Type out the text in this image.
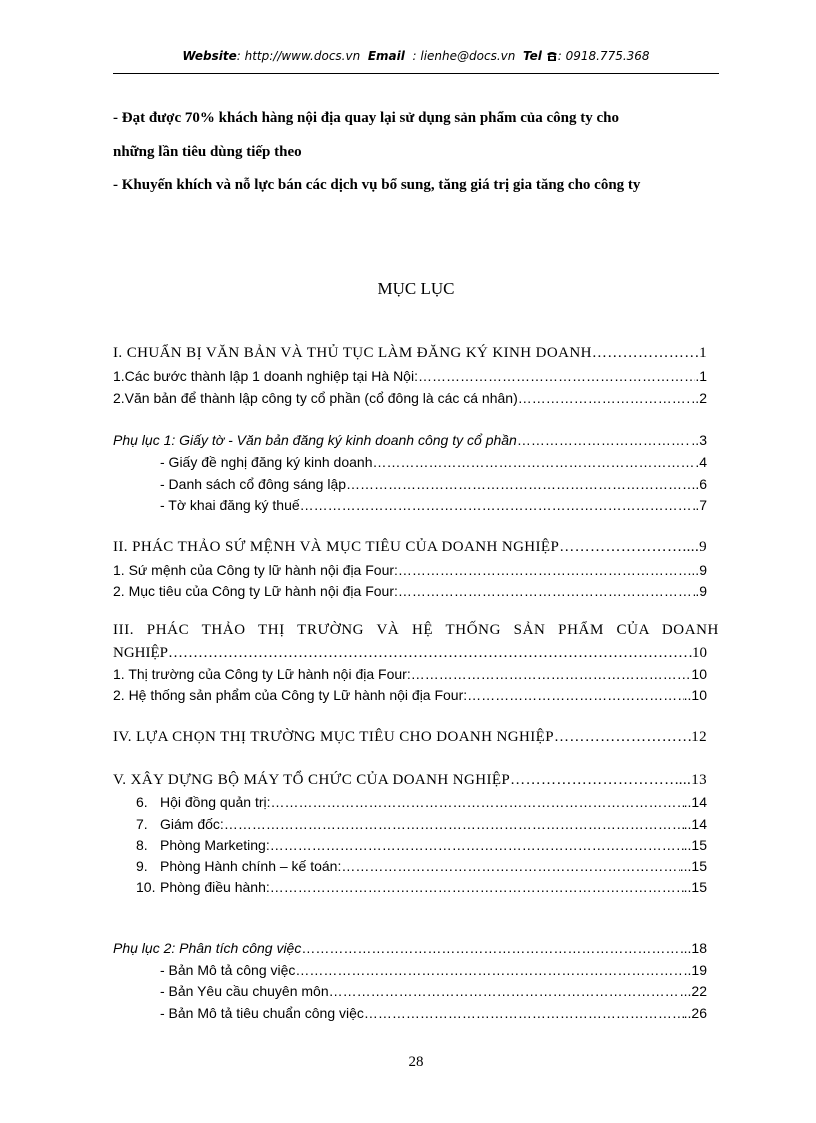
Website: http://www.docs.vn Email : lienhe@docs.vn Tel : 0918.775.368
- Đạt được 70% khách hàng nội địa quay lại sử dụng sản phẩm của công ty cho
những lần tiêu dùng tiếp theo
- Khuyến khích và nỗ lực bán các dịch vụ bổ sung, tăng giá trị gia tăng cho công ty
MỤC LỤC
I. CHUẨN BỊ VĂN BẢN VÀ THỦ TỤC LÀM ĐĂNG KÝ KINH DOANH ………………………………………………………………………………………………………………………………………………………………	.1
1.Các bước thành lập 1 doanh nghiệp tại Hà Nội: ………………………………………………………………………………………………………………………………………………………………	.1
2.Văn bản để thành lập công ty cổ phần (cổ đông là các cá nhân) ………………………………………………………………………………………………………………………………………………………………	..2
Phụ lục 1: Giấy tờ - Văn bản đăng ký kinh doanh công ty cổ phần ………………………………………………………………………………………………………………………………………………………………	..3
- Giấy đề nghị đăng ký kinh doanh ………………………………………………………………………………………………………………………………………………………………	.4
- Danh sách cổ đông sáng lập ………………………………………………………………………………………………………………………………………………………………	.6
- Tờ khai đăng ký thuế ………………………………………………………………………………………………………………………………………………………………	.7
II. PHÁC THẢO SỨ MỆNH VÀ MỤC TIÊU CỦA DOANH NGHIỆP ………………………………………………………………………………………………………………………………………………………………	....9
1. Sứ mệnh của Công ty lữ hành nội địa Four: ………………………………………………………………………………………………………………………………………………………………	...9
2. Mục tiêu của Công ty Lữ hành nội địa Four: ………………………………………………………………………………………………………………………………………………………………	.9
III. PHÁC THẢO THỊ TRƯỜNG VÀ HỆ THỐNG SẢN PHẨM CỦA DOANH
NGHIỆP ………………………………………………………………………………………………………………………………………………………………	10
1. Thị trường của Công ty Lữ hành nội địa Four: ………………………………………………………………………………………………………………………………………………………………	10
2. Hệ thống sản phẩm của Công ty Lữ hành nội địa Four: ………………………………………………………………………………………………………………………………………………………………	..10
IV. LỰA CHỌN THỊ TRƯỜNG MỤC TIÊU CHO DOANH NGHIỆP ………………………………………………………………………………………………………………………………………………………………	12
V. XÂY DỰNG BỘ MÁY TỔ CHỨC CỦA DOANH NGHIỆP ………………………………………………………………………………………………………………………………………………………………	...13
6. Hội đồng quản trị: ………………………………………………………………………………………………………………………………………………………………	..14
7. Giám đốc: ………………………………………………………………………………………………………………………………………………………………	..14
8. Phòng Marketing: ………………………………………………………………………………………………………………………………………………………………	..15
9. Phòng Hành chính – kế toán: ………………………………………………………………………………………………………………………………………………………………	...15
10. Phòng điều hành: ………………………………………………………………………………………………………………………………………………………………	..15
Phụ lục 2: Phân tích công việc ………………………………………………………………………………………………………………………………………………………………	..18
- Bản Mô tả công việc ………………………………………………………………………………………………………………………………………………………………	..19
- Bản Yêu cầu chuyên môn ………………………………………………………………………………………………………………………………………………………………	...22
- Bản Mô tả tiêu chuẩn công việc ………………………………………………………………………………………………………………………………………………………………	..26
28
